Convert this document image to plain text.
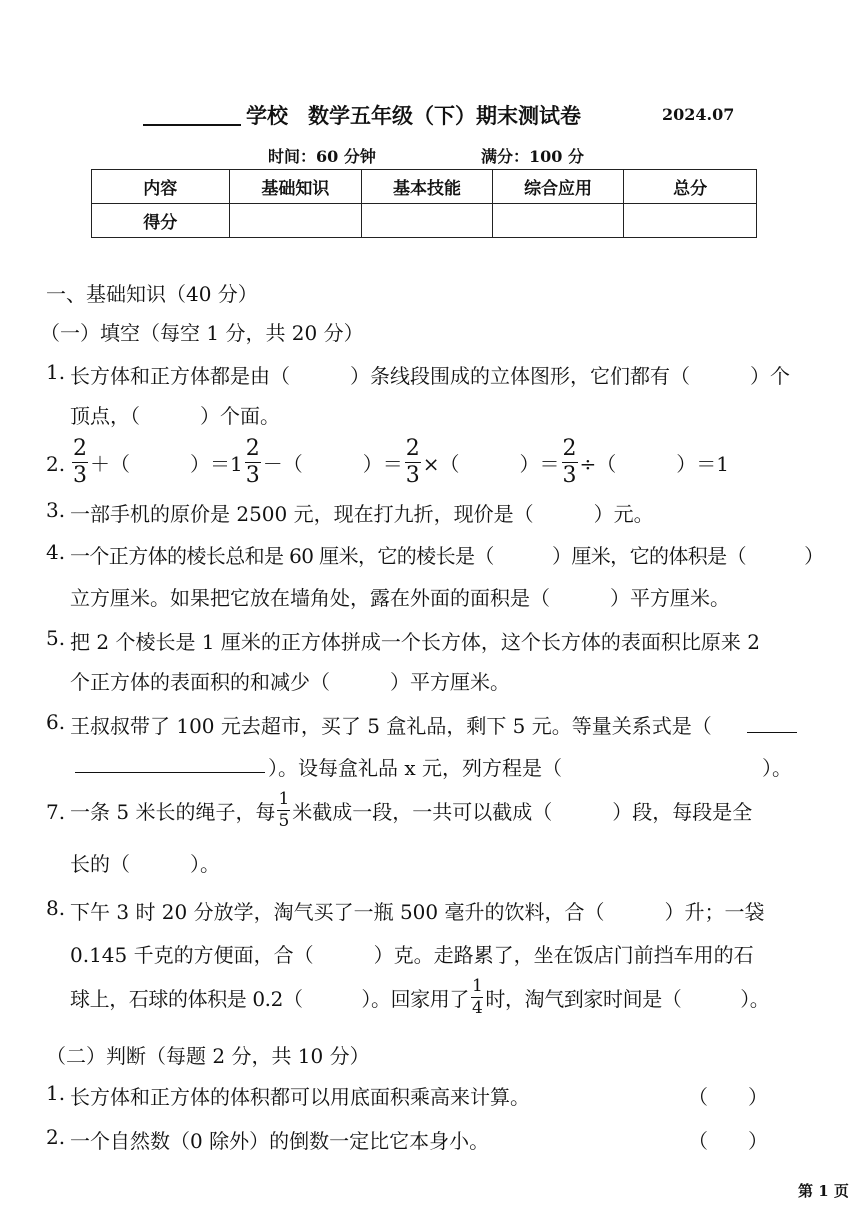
学校 数学五年级（下）期末测试卷	2024.07
时间：60 分钟	满分：100 分
内容	基础知识	基本技能	综合应用	总分
得分				
一、基础知识（40 分）
（一）填空（每空 1 分，共 20 分）
1. 长方体和正方体都是由（　　　）条线段围成的立体图形，它们都有（　　　）个
顶点，（　　　）个面。
2. $\frac{2}{3}$ ＋（　　　）$=1 \frac{2}{3}$ －（　　　）＝ $\frac{2}{3}$ ×（　　　）＝ $\frac{2}{3}$ ÷（　　　）＝1
3. 一部手机的原价是 2500 元，现在打九折，现价是（　　　）元。
4. 一个正方体的棱长总和是 60 厘米，它的棱长是（　　　）厘米，它的体积是（　　　）
立方厘米。如果把它放在墙角处，露在外面的面积是（　　　）平方厘米。
5. 把 2 个棱长是 1 厘米的正方体拼成一个长方体，这个长方体的表面积比原来 2
个正方体的表面积的和减少（　　　）平方厘米。
6. 王叔叔带了 100 元去超市，买了 5 盒礼品，剩下 5 元。等量关系式是（
）。设每盒礼品 x 元，列方程是（　　　　　　　　　　）。
7. 一条 5 米长的绳子，每 $\frac{1}{5}$ 米截成一段，一共可以截成（　　　）段，每段是全
长的（　　　）。
8. 下午 3 时 20 分放学，淘气买了一瓶 500 毫升的饮料，合（　　　）升；一袋
0.145 千克的方便面，合（　　　）克。走路累了，坐在饭店门前挡车用的石
球上，石球的体积是 0.2（　　　）。回家用了 $\frac{1}{4}$ 时，淘气到家时间是（　　　）。
（二）判断（每题 2 分，共 10 分）
1. 长方体和正方体的体积都可以用底面积乘高来计算。	（　　）
2. 一个自然数（0 除外）的倒数一定比它本身小。	（　　）
第 1 页
